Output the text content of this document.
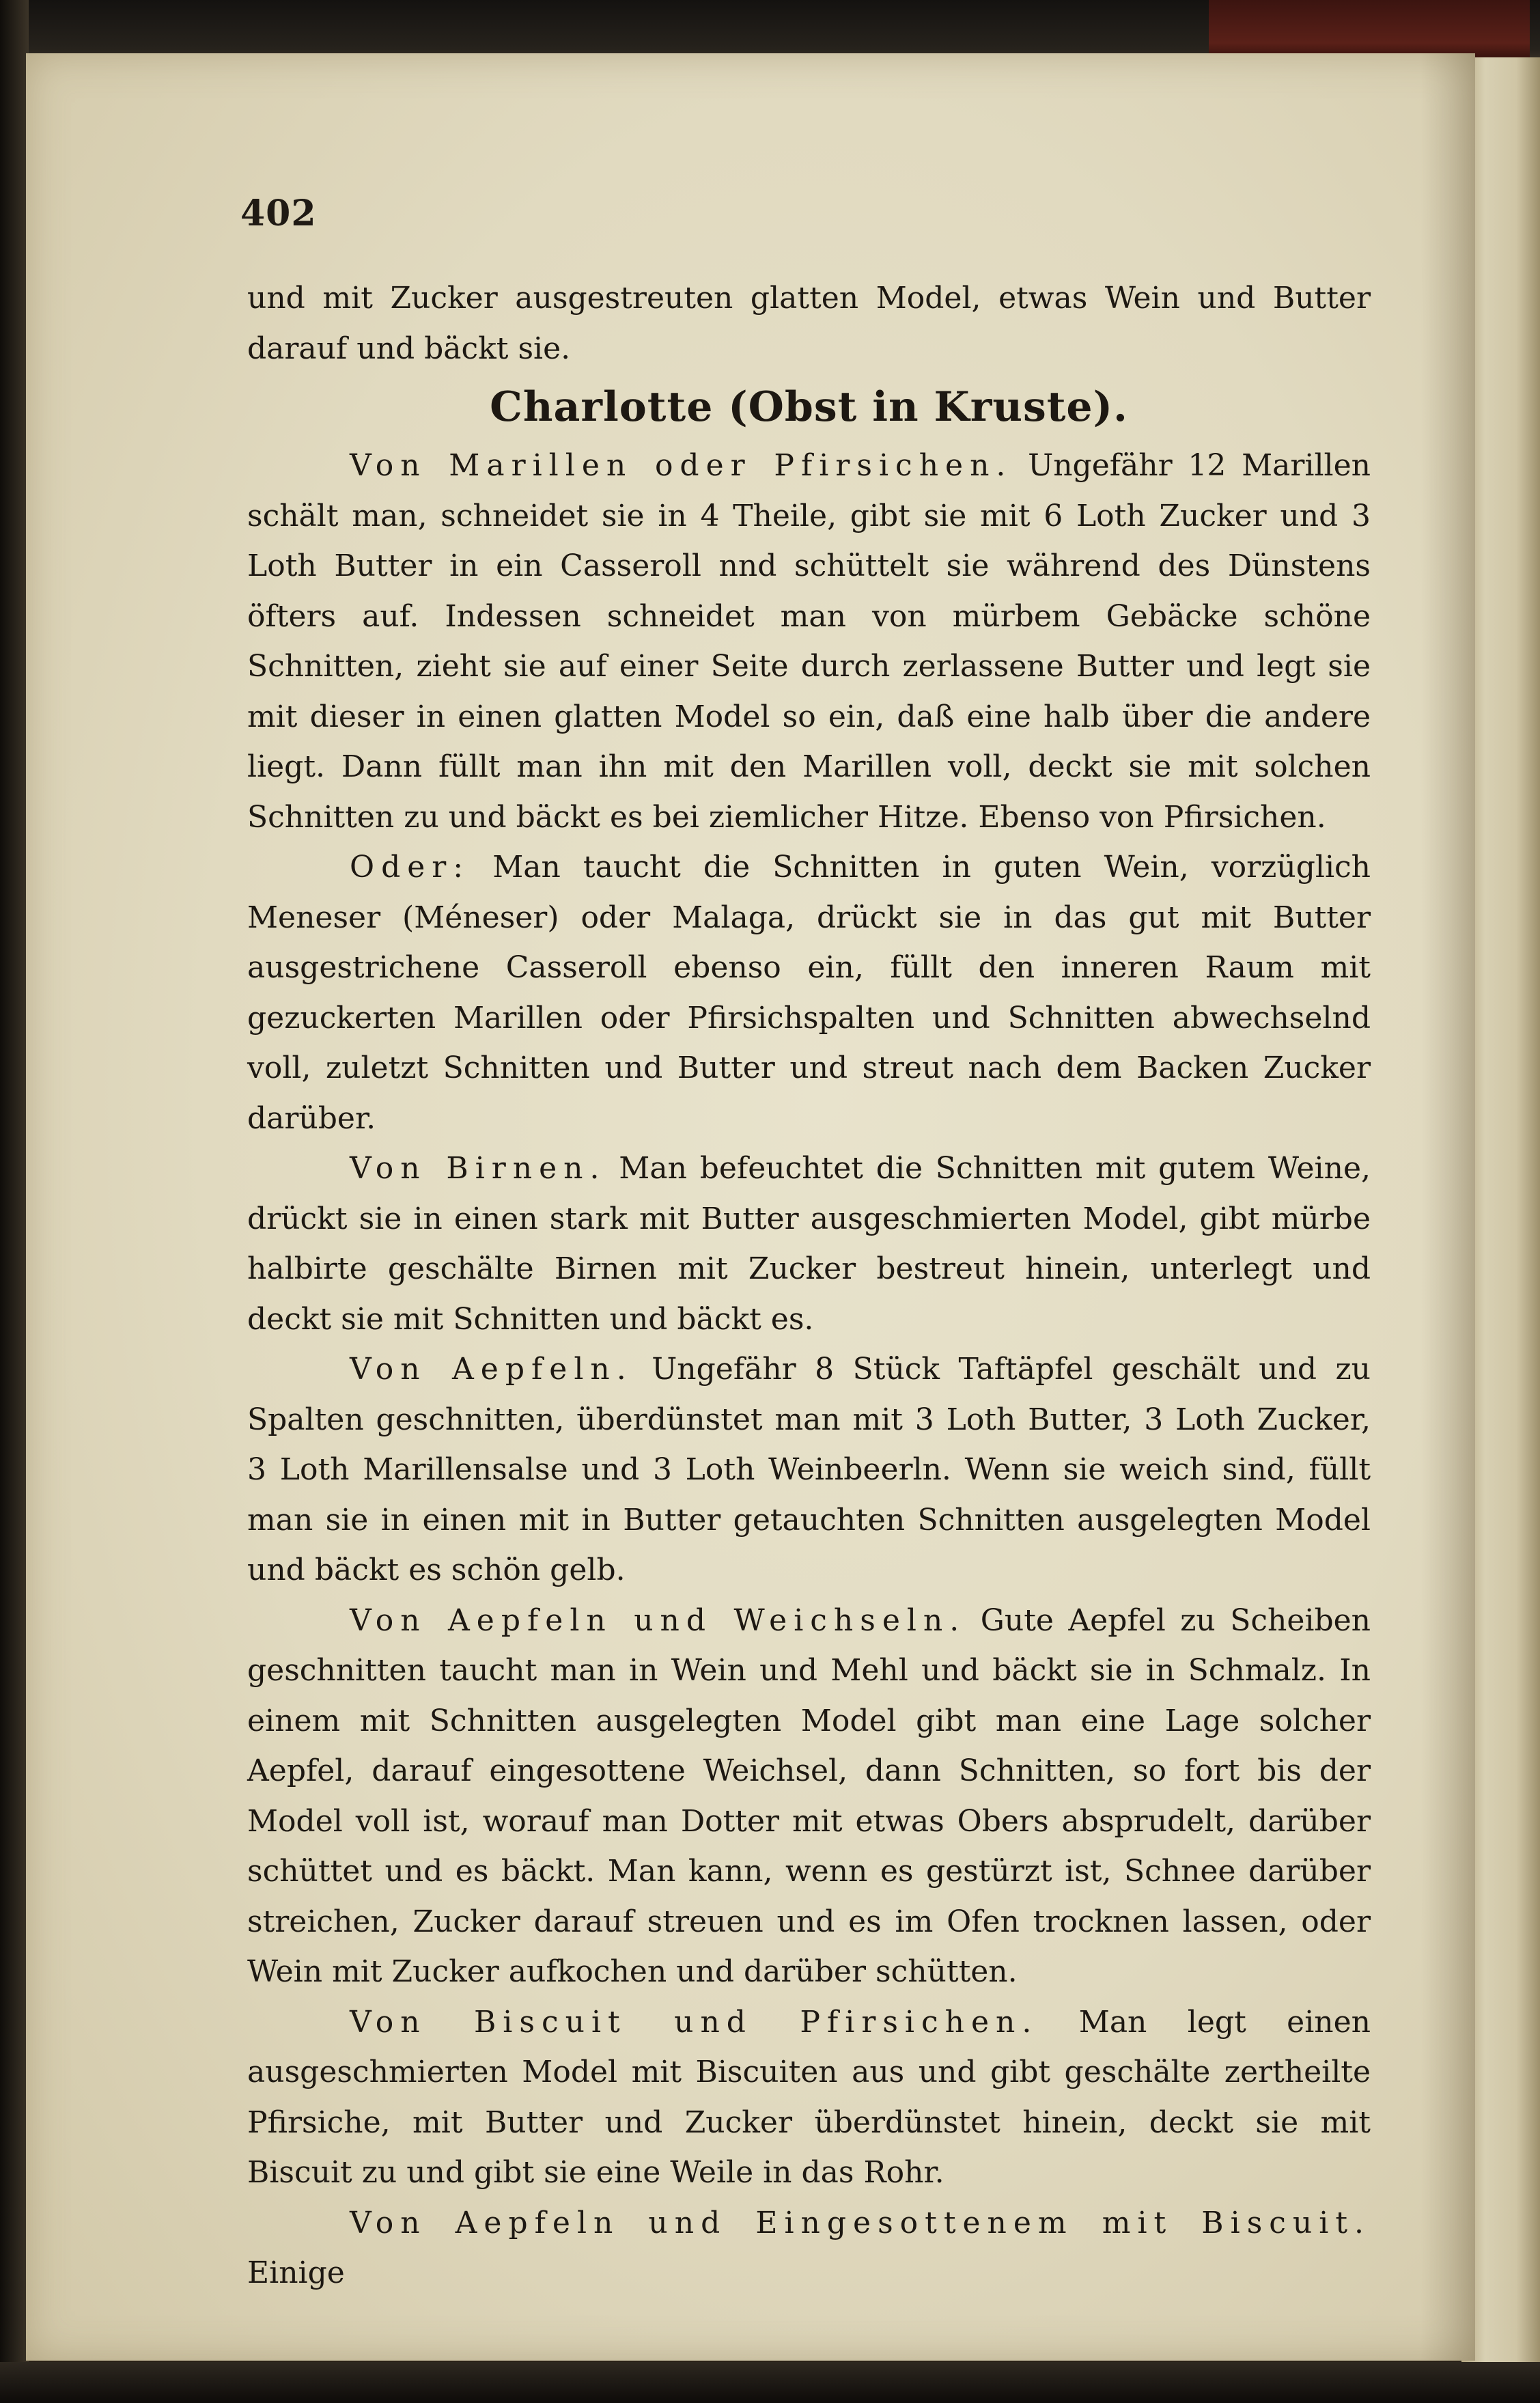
402

und mit Zucker ausgestreuten glatten Model, etwas Wein und Butter darauf und bäckt sie.

Charlotte (Obst in Kruste).

Von Marillen oder Pfirsichen. Ungefähr 12 Marillen schält man, schneidet sie in 4 Theile, gibt sie mit 6 Loth Zucker und 3 Loth Butter in ein Casseroll nnd schüttelt sie während des Dünstens öfters auf. Indessen schneidet man von mürbem Gebäcke schöne Schnitten, zieht sie auf einer Seite durch zerlassene Butter und legt sie mit dieser in einen glatten Model so ein, daß eine halb über die andere liegt. Dann füllt man ihn mit den Marillen voll, deckt sie mit solchen Schnitten zu und bäckt es bei ziemlicher Hitze. Ebenso von Pfirsichen.

Oder: Man taucht die Schnitten in guten Wein, vorzüglich Meneser (Méneser) oder Malaga, drückt sie in das gut mit Butter ausgestrichene Casseroll ebenso ein, füllt den inneren Raum mit gezuckerten Marillen oder Pfirsichspalten und Schnitten abwechselnd voll, zuletzt Schnitten und Butter und streut nach dem Backen Zucker darüber.

Von Birnen. Man befeuchtet die Schnitten mit gutem Weine, drückt sie in einen stark mit Butter ausgeschmierten Model, gibt mürbe halbirte geschälte Birnen mit Zucker bestreut hinein, unterlegt und deckt sie mit Schnitten und bäckt es.

Von Aepfeln. Ungefähr 8 Stück Taftäpfel geschält und zu Spalten geschnitten, überdünstet man mit 3 Loth Butter, 3 Loth Zucker, 3 Loth Marillensalse und 3 Loth Weinbeerln. Wenn sie weich sind, füllt man sie in einen mit in Butter getauchten Schnitten ausgelegten Model und bäckt es schön gelb.

Von Aepfeln und Weichseln. Gute Aepfel zu Scheiben geschnitten taucht man in Wein und Mehl und bäckt sie in Schmalz. In einem mit Schnitten ausgelegten Model gibt man eine Lage solcher Aepfel, darauf eingesottene Weichsel, dann Schnitten, so fort bis der Model voll ist, worauf man Dotter mit etwas Obers absprudelt, darüber schüttet und es bäckt. Man kann, wenn es gestürzt ist, Schnee darüber streichen, Zucker darauf streuen und es im Ofen trocknen lassen, oder Wein mit Zucker aufkochen und darüber schütten.

Von Biscuit und Pfirsichen. Man legt einen ausgeschmierten Model mit Biscuiten aus und gibt geschälte zertheilte Pfirsiche, mit Butter und Zucker überdünstet hinein, deckt sie mit Biscuit zu und gibt sie eine Weile in das Rohr.

Von Aepfeln und Eingesottenem mit Biscuit. Einige
